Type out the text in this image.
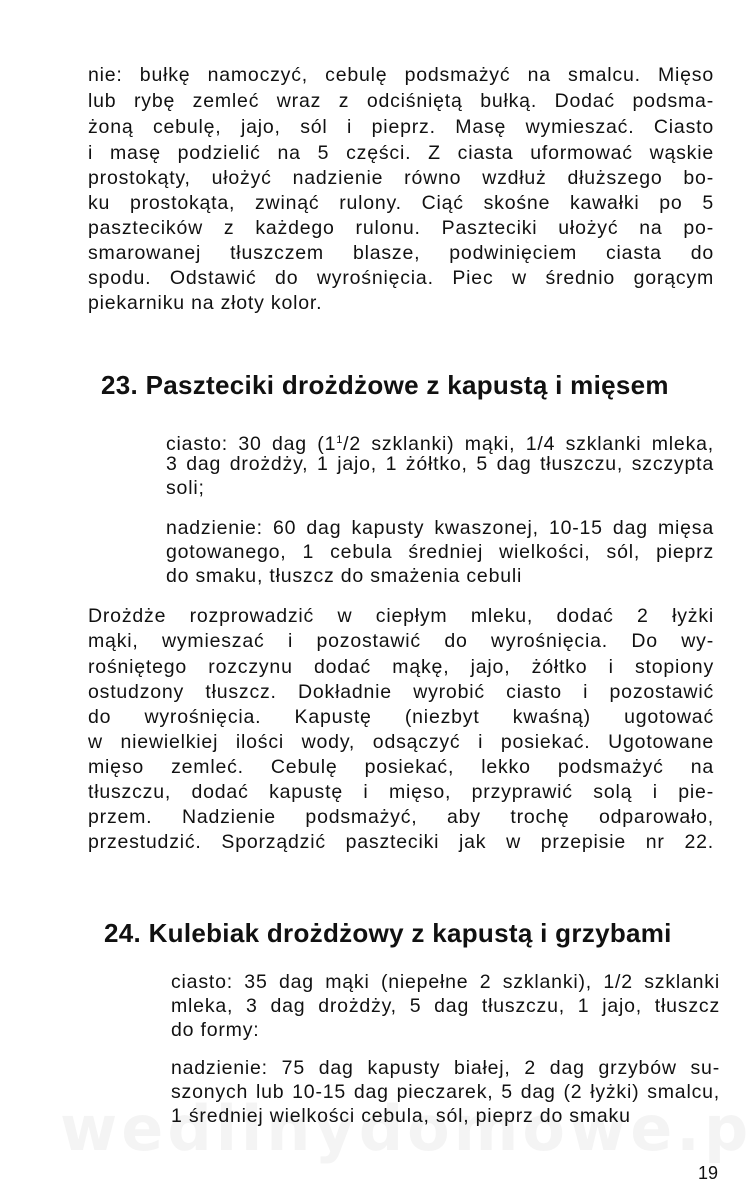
nie: bułkę namoczyć, cebulę podsmażyć na smalcu. Mięso
lub rybę zemleć wraz z odciśniętą bułką. Dodać podsma-
żoną cebulę, jajo, sól i pieprz. Masę wymieszać. Ciasto
i masę podzielić na 5 części. Z ciasta uformować wąskie
prostokąty, ułożyć nadzienie równo wzdłuż dłuższego bo-
ku prostokąta, zwinąć rulony. Ciąć skośne kawałki po 5
pasztecików z każdego rulonu. Paszteciki ułożyć na po-
smarowanej tłuszczem blasze, podwinięciem ciasta do
spodu. Odstawić do wyrośnięcia. Piec w średnio gorącym
piekarniku na złoty kolor.
23. Paszteciki drożdżowe z kapustą i mięsem
ciasto: 30 dag ($1^1/2$ szklanki) mąki, 1/4 szklanki mleka,
3 dag drożdży, 1 jajo, 1 żółtko, 5 dag tłuszczu, szczypta
soli;
nadzienie: 60 dag kapusty kwaszonej, 10-15 dag mięsa
gotowanego, 1 cebula średniej wielkości, sól, pieprz
do smaku, tłuszcz do smażenia cebuli
Drożdże rozprowadzić w ciepłym mleku, dodać 2 łyżki
mąki, wymieszać i pozostawić do wyrośnięcia. Do wy-
rośniętego rozczynu dodać mąkę, jajo, żółtko i stopiony
ostudzony tłuszcz. Dokładnie wyrobić ciasto i pozostawić
do wyrośnięcia. Kapustę (niezbyt kwaśną) ugotować
w niewielkiej ilości wody, odsączyć i posiekać. Ugotowane
mięso zemleć. Cebulę posiekać, lekko podsmażyć na
tłuszczu, dodać kapustę i mięso, przyprawić solą i pie-
przem. Nadzienie podsmażyć, aby trochę odparowało,
przestudzić. Sporządzić paszteciki jak w przepisie nr 22.
24. Kulebiak drożdżowy z kapustą i grzybami
ciasto: 35 dag mąki (niepełne 2 szklanki), 1/2 szklanki
mleka, 3 dag drożdży, 5 dag tłuszczu, 1 jajo, tłuszcz
do formy:
nadzienie: 75 dag kapusty białej, 2 dag grzybów su-
szonych lub 10-15 dag pieczarek, 5 dag (2 łyżki) smalcu,
1 średniej wielkości cebula, sól, pieprz do smaku
19
